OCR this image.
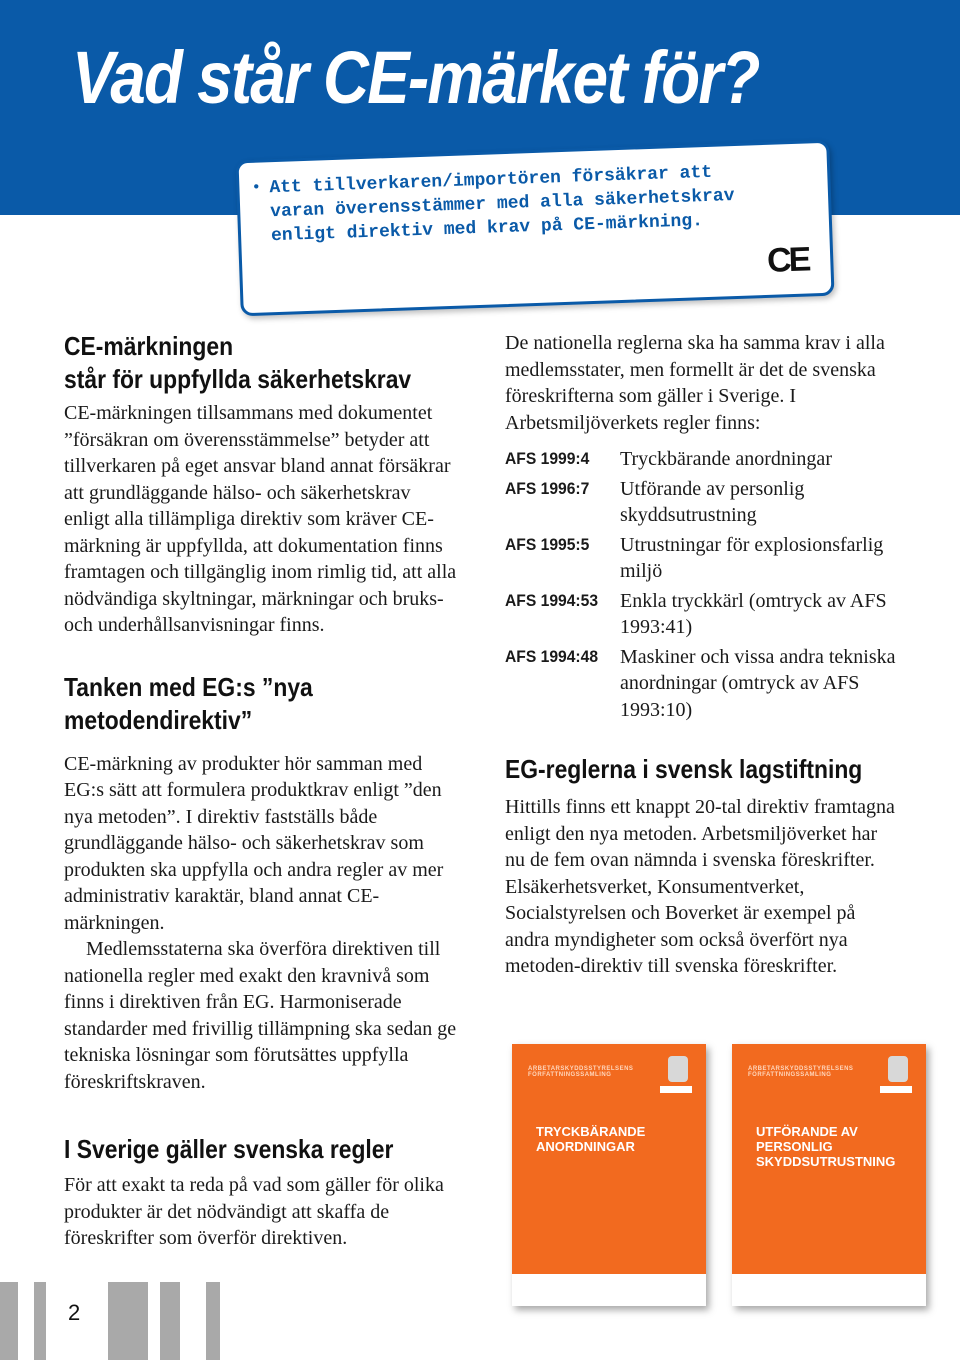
Vad står CE-märket för?
• Att tillverkaren/importören försäkrar att varan överensstämmer med alla säkerhetskrav enligt direktiv med krav på CE-märkning.

CE
CE-märkningen
står för uppfyllda säkerhetskrav

CE-märkningen tillsammans med dokumentet ”försäkran om överensstämmelse” betyder att tillverkaren på eget ansvar bland annat försäkrar att grundläggande hälso- och säkerhetskrav enligt alla tillämpliga direktiv som kräver CE-märkning är uppfyllda, att dokumentation finns framtagen och tillgänglig inom rimlig tid, att alla nödvändiga skyltningar, märkningar och bruks- och underhållsanvisningar finns.

Tanken med EG:s ”nya
metodendirektiv”

CE-märkning av produkter hör samman med EG:s sätt att formulera produktkrav enligt ”den nya metoden”. I direktiv fastställs både grundläggande hälso- och säkerhetskrav som produkten ska uppfylla och andra regler av mer administrativ karaktär, bland annat CE-märkningen.

Medlemsstaterna ska överföra direktiven till nationella regler med exakt den kravnivå som finns i direktiven från EG. Harmoniserade standarder med frivillig tillämpning ska sedan ge tekniska lösningar som förutsättes uppfylla föreskriftskraven.

I Sverige gäller svenska regler

För att exakt ta reda på vad som gäller för olika produkter är det nödvändigt att skaffa de föreskrifter som överför direktiven.

De nationella reglerna ska ha samma krav i alla medlemsstater, men formellt är det de svenska föreskrifterna som gäller i Sverige. I Arbetsmiljöverkets regler finns:

AFS 1999:4	Tryckbärande anordningar
AFS 1996:7	Utförande av personlig skyddsutrustning
AFS 1995:5	Utrustningar för explosionsfarlig miljö
AFS 1994:53	Enkla tryckkärl (omtryck av AFS 1993:41)
AFS 1994:48	Maskiner och vissa andra tekniska anordningar (omtryck av AFS 1993:10)
EG-reglerna i svensk lagstiftning

Hittills finns ett knappt 20-tal direktiv framtagna enligt den nya metoden. Arbetsmiljöverket har nu de fem ovan nämnda i svenska föreskrifter. Elsäkerhetsverket, Konsumentverket, Socialstyrelsen och Boverket är exempel på andra myndigheter som också överfört nya metoden-direktiv till svenska föreskrifter.

ARBETARSKYDDSSTYRELSENS FÖRFATTNINGSSAMLING
TRYCKBÄRANDE ANORDNINGAR
ARBETARSKYDDSSTYRELSENS FÖRFATTNINGSSAMLING
UTFÖRANDE AV PERSONLIG SKYDDSUTRUSTNING
2
